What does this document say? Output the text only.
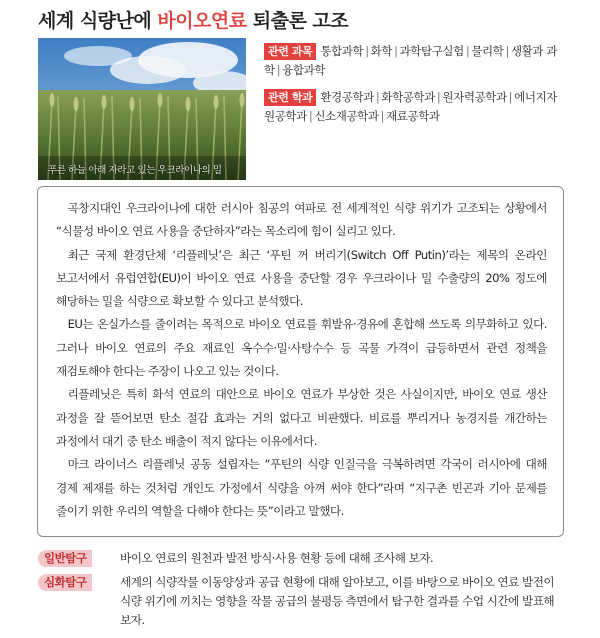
세계 식량난에 바이오연료 퇴출론 고조
푸른 하늘 아래 자라고 있는 우크라이나의 밀
관련 과목 통합과학 | 화학 | 과학탐구실험 | 물리학 | 생활과 과학 | 융합과학
관련 학과 환경공학과 | 화학공학과 | 원자력공학과 | 에너지자원공학과 | 신소재공학과 | 재료공학과

곡창지대인 우크라이나에 대한 러시아 침공의 여파로 전 세계적인 식량 위기가 고조되는 상황에서 “식물성 바이오 연료 사용을 중단하자”라는 목소리에 힘이 실리고 있다.

최근 국제 환경단체 ‘리플레닛’은 최근 ‘푸틴 꺼 버리기(Switch Off Putin)’라는 제목의 온라인 보고서에서 유럽연합(EU)이 바이오 연료 사용을 중단할 경우 우크라이나 밀 수출량의 20% 정도에 해당하는 밀을 식량으로 확보할 수 있다고 분석했다.

EU는 온실가스를 줄이려는 목적으로 바이오 연료를 휘발유·경유에 혼합해 쓰도록 의무화하고 있다. 그러나 바이오 연료의 주요 재료인 옥수수·밀·사탕수수 등 곡물 가격이 급등하면서 관련 정책을 재검토해야 한다는 주장이 나오고 있는 것이다.

리플레닛은 특히 화석 연료의 대안으로 바이오 연료가 부상한 것은 사실이지만, 바이오 연료 생산 과정을 잘 뜯어보면 탄소 절감 효과는 거의 없다고 비판했다. 비료를 뿌리거나 농경지를 개간하는 과정에서 대기 중 탄소 배출이 적지 않다는 이유에서다.

마크 라이너스 리플레닛 공동 설립자는 “푸틴의 식량 인질극을 극복하려면 각국이 러시아에 대해 경제 제재를 하는 것처럼 개인도 가정에서 식량을 아껴 써야 한다”라며 “지구촌 빈곤과 기아 문제를 줄이기 위한 우리의 역할을 다해야 한다는 뜻”이라고 말했다.

일반탐구	바이오 연료의 원천과 발전 방식·사용 현황 등에 대해 조사해 보자.
심화탐구	세계의 식량작물 이동양상과 공급 현황에 대해 알아보고, 이를 바탕으로 바이오 연료 발전이 식량 위기에 끼치는 영향을 작물 공급의 불평등 측면에서 탐구한 결과를 수업 시간에 발표해 보자.
